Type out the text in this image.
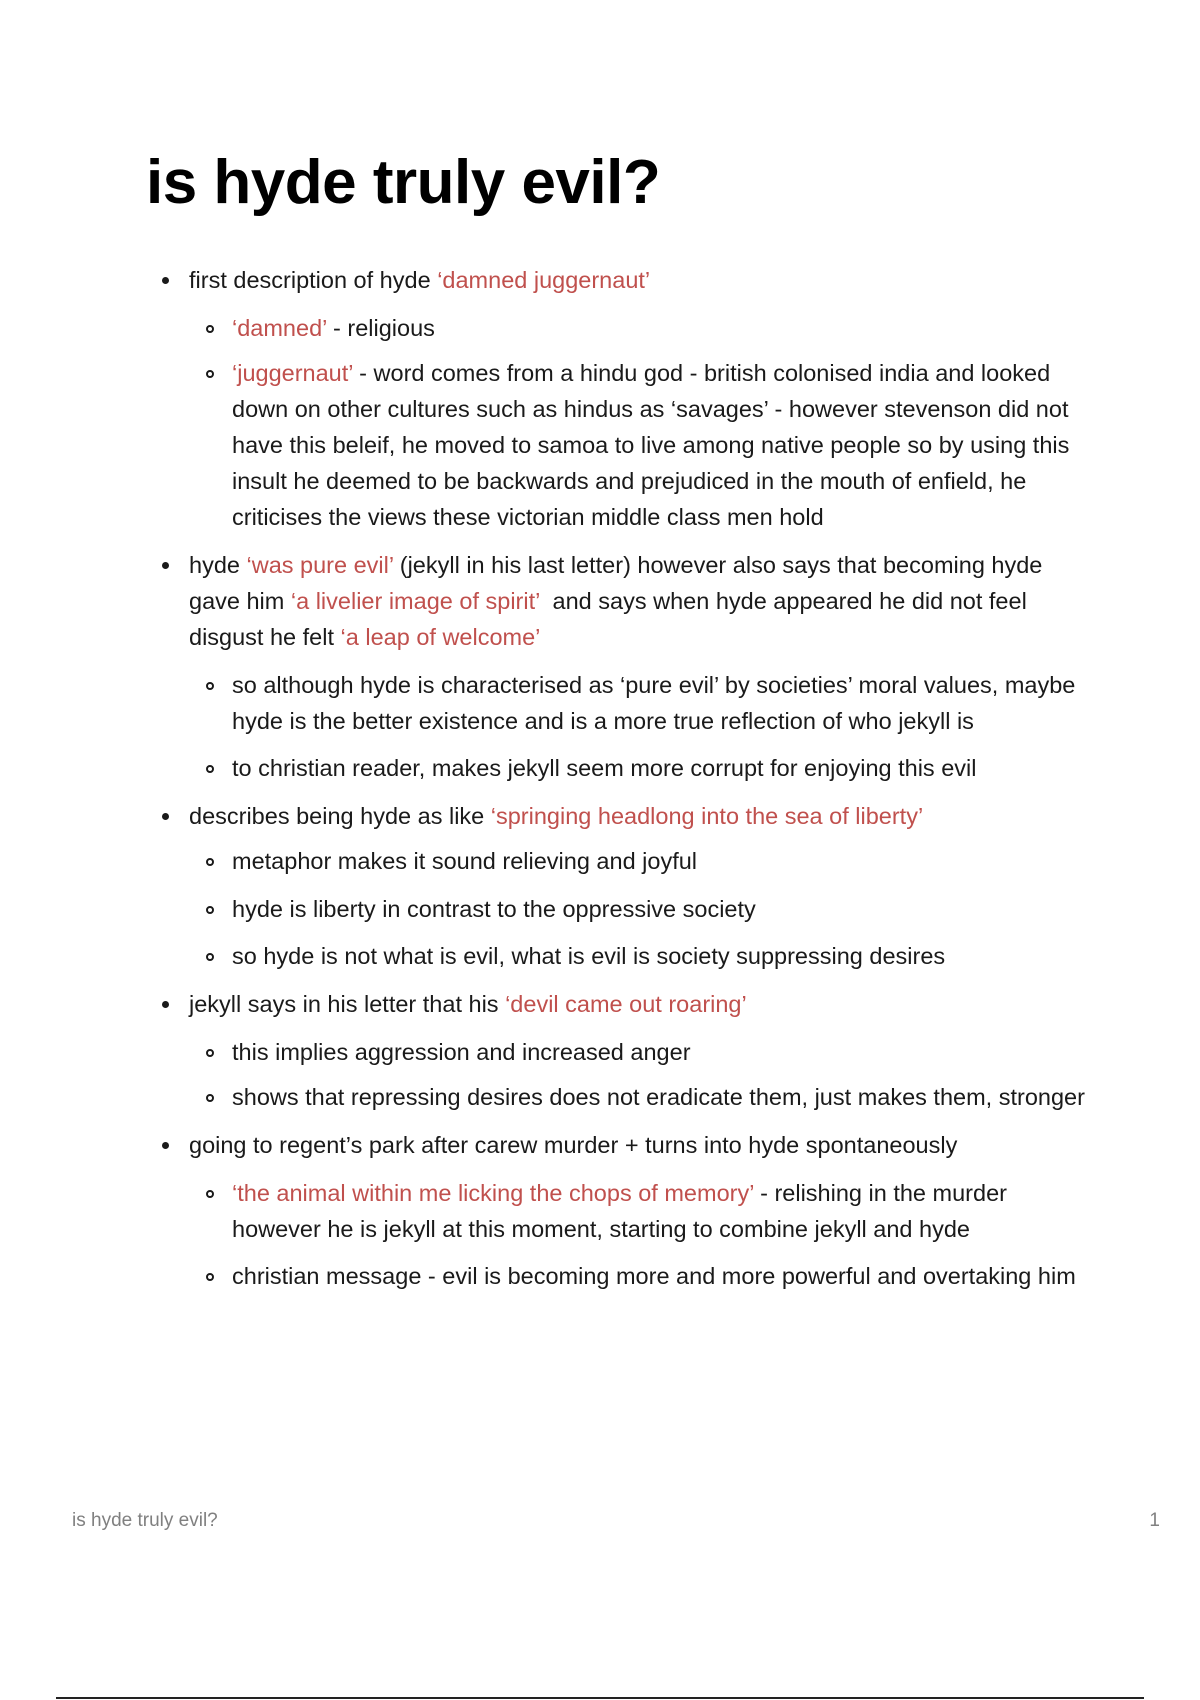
is hyde truly evil?
first description of hyde ‘damned juggernaut’
‘damned’ - religious
‘juggernaut’ - word comes from a hindu god - british colonised india and looked down on other cultures such as hindus as ‘savages’ - however stevenson did not have this beleif, he moved to samoa to live among native people so by using this insult he deemed to be backwards and prejudiced in the mouth of enfield, he criticises the views these victorian middle class men hold
hyde ‘was pure evil’ (jekyll in his last letter) however also says that becoming hyde gave him ‘a livelier image of spirit’  and says when hyde appeared he did not feel disgust he felt ‘a leap of welcome’
so although hyde is characterised as ‘pure evil’ by societies’ moral values, maybe hyde is the better existence and is a more true reflection of who jekyll is
to christian reader, makes jekyll seem more corrupt for enjoying this evil
describes being hyde as like ‘springing headlong into the sea of liberty’
metaphor makes it sound relieving and joyful
hyde is liberty in contrast to the oppressive society
so hyde is not what is evil, what is evil is society suppressing desires
jekyll says in his letter that his ‘devil came out roaring’
this implies aggression and increased anger
shows that repressing desires does not eradicate them, just makes them, stronger
going to regent’s park after carew murder + turns into hyde spontaneously
‘the animal within me licking the chops of memory’ - relishing in the murder however he is jekyll at this moment, starting to combine jekyll and hyde
christian message - evil is becoming more and more powerful and overtaking him
is hyde truly evil?	1
